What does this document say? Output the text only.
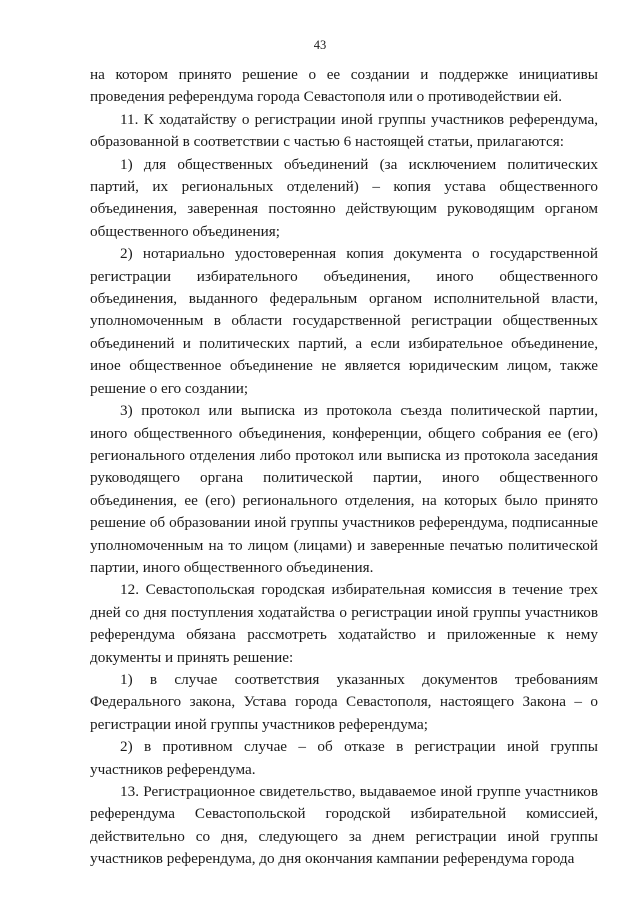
43

на котором принято решение о ее создании и поддержке инициативы проведения референдума города Севастополя или о противодействии ей.

11. К ходатайству о регистрации иной группы участников референдума, образованной в соответствии с частью 6 настоящей статьи, прилагаются:

1) для общественных объединений (за исключением политических партий, их региональных отделений) – копия устава общественного объединения, заверенная постоянно действующим руководящим органом общественного объединения;

2) нотариально удостоверенная копия документа о государственной регистрации избирательного объединения, иного общественного объединения, выданного федеральным органом исполнительной власти, уполномоченным в области государственной регистрации общественных объединений и политических партий, а если избирательное объединение, иное общественное объединение не является юридическим лицом, также решение о его создании;

3) протокол или выписка из протокола съезда политической партии, иного общественного объединения, конференции, общего собрания ее (его) регионального отделения либо протокол или выписка из протокола заседания руководящего органа политической партии, иного общественного объединения, ее (его) регионального отделения, на которых было принято решение об образовании иной группы участников референдума, подписанные уполномоченным на то лицом (лицами) и заверенные печатью политической партии, иного общественного объединения.

12. Севастопольская городская избирательная комиссия в течение трех дней со дня поступления ходатайства о регистрации иной группы участников референдума обязана рассмотреть ходатайство и приложенные к нему документы и принять решение:

1) в случае соответствия указанных документов требованиям Федерального закона, Устава города Севастополя, настоящего Закона – о регистрации иной группы участников референдума;

2) в противном случае – об отказе в регистрации иной группы участников референдума.

13. Регистрационное свидетельство, выдаваемое иной группе участников референдума Севастопольской городской избирательной комиссией, действительно со дня, следующего за днем регистрации иной группы участников референдума, до дня окончания кампании референдума города
